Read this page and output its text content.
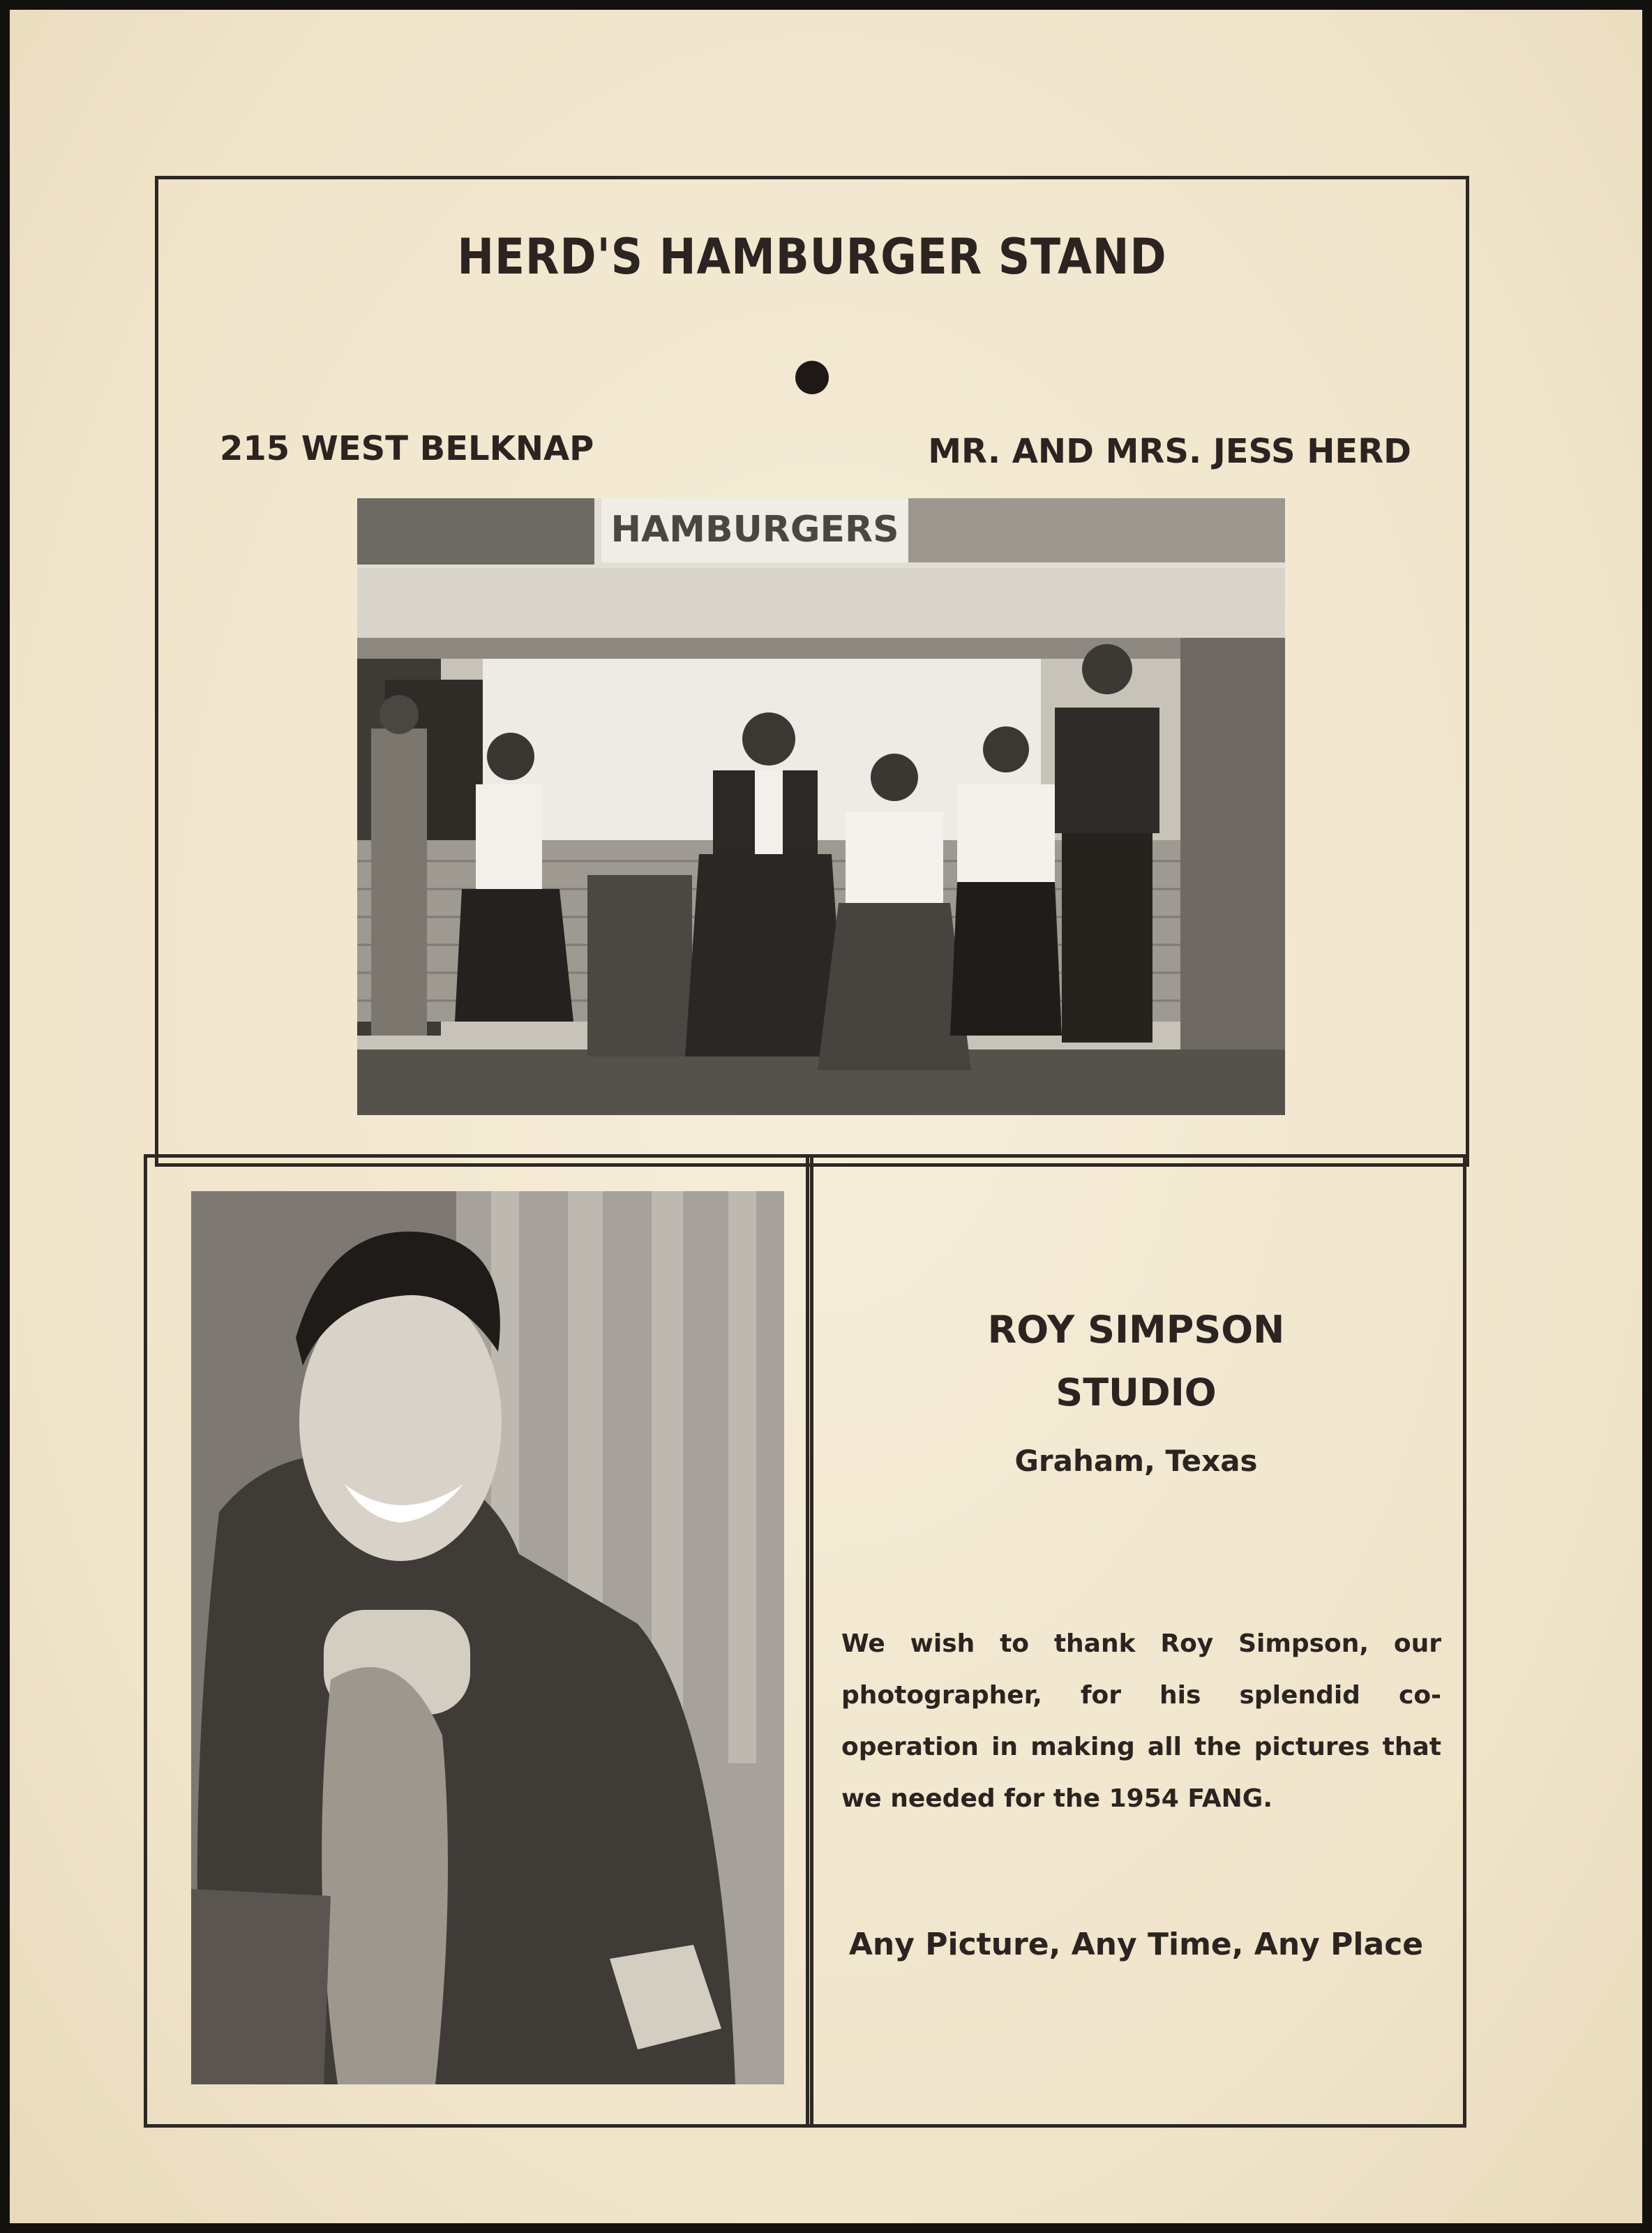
HERD'S HAMBURGER STAND
215 WEST BELKNAP	MR. AND MRS. JESS HERD
HAMBURGERS
ROY SIMPSON
STUDIO
Graham, Texas
We wish to thank Roy Simpson, our photographer, for his splendid co-operation in making all the pictures that we needed for the 1954 FANG.
Any Picture, Any Time, Any Place
